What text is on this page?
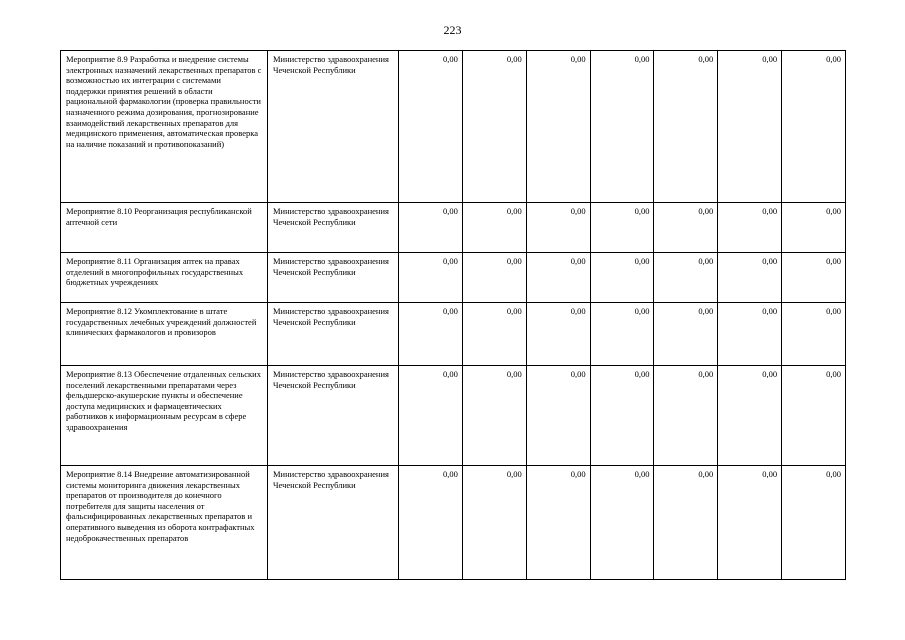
223
Мероприятие 8.9 Разработка и внедрение системы электронных назначений лекарственных препаратов с возможностью их интеграции с системами поддержки принятия решений в области рациональной фармакологии (проверка правильности назначенного режима дозирования, прогнозирование взаимодействий лекарственных препаратов для медицинского применения, автоматическая проверка на наличие показаний и противопоказаний)	Министерство здравоохранения Чеченской Республики	0,00	0,00	0,00	0,00	0,00	0,00	0,00
Мероприятие 8.10 Реорганизация республиканской аптечной сети	Министерство здравоохранения Чеченской Республики	0,00	0,00	0,00	0,00	0,00	0,00	0,00
Мероприятие 8.11 Организация аптек на правах отделений в многопрофильных государственных бюджетных учреждениях	Министерство здравоохранения Чеченской Республики	0,00	0,00	0,00	0,00	0,00	0,00	0,00
Мероприятие 8.12 Укомплектование в штате государственных лечебных учреждений должностей клинических фармакологов и провизоров	Министерство здравоохранения Чеченской Республики	0,00	0,00	0,00	0,00	0,00	0,00	0,00
Мероприятие 8.13 Обеспечение отдаленных сельских поселений лекарственными препаратами через фельдшерско-акушерские пункты и обеспечение доступа медицинских и фармацевтических работников к информационным ресурсам в сфере здравоохранения	Министерство здравоохранения Чеченской Республики	0,00	0,00	0,00	0,00	0,00	0,00	0,00
Мероприятие 8.14 Внедрение автоматизированной системы мониторинга движения лекарственных препаратов от производителя до конечного потребителя для защиты населения от фальсифицированных лекарственных препаратов и оперативного выведения из оборота контрафактных недоброкачественных препаратов	Министерство здравоохранения Чеченской Республики	0,00	0,00	0,00	0,00	0,00	0,00	0,00
